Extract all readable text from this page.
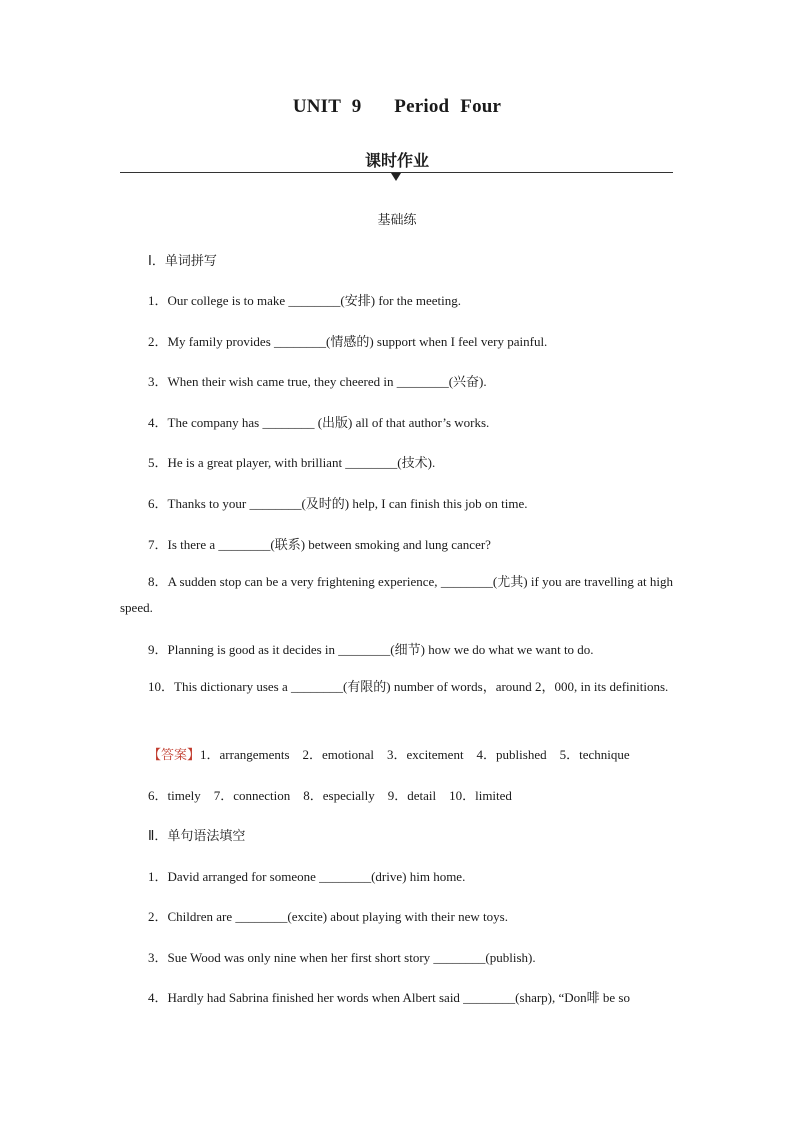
UNIT 9   Period Four
课时作业
基础练
Ⅰ．单词拼写
1．Our college is to make ________(安排) for the meeting.
2．My family provides ________(情感的) support when I feel very painful.
3．When their wish came true, they cheered in ________(兴奋).
4．The company has ________ (出版) all of that author’s works.
5．He is a great player, with brilliant ________(技术).
6．Thanks to your ________(及时的) help, I can finish this job on time.
7．Is there a ________(联系) between smoking and lung cancer?
8．A sudden stop can be a very frightening experience, ________(尤其) if you are travelling at high speed.
9．Planning is good as it decides in ________(细节) how we do what we want to do.
10．This dictionary uses a ________(有限的) number of words，around 2，000, in its definitions.
【答案】1．arrangements　2．emotional　3．excitement　4．published　5．technique
6．timely　7．connection　8．especially　9．detail　10．limited
Ⅱ．单句语法填空
1．David arranged for someone ________(drive) him home.
2．Children are ________(excite) about playing with their new toys.
3．Sue Wood was only nine when her first short story ________(publish).
4．Hardly had Sabrina finished her words when Albert said ________(sharp), “Don啡 be so
